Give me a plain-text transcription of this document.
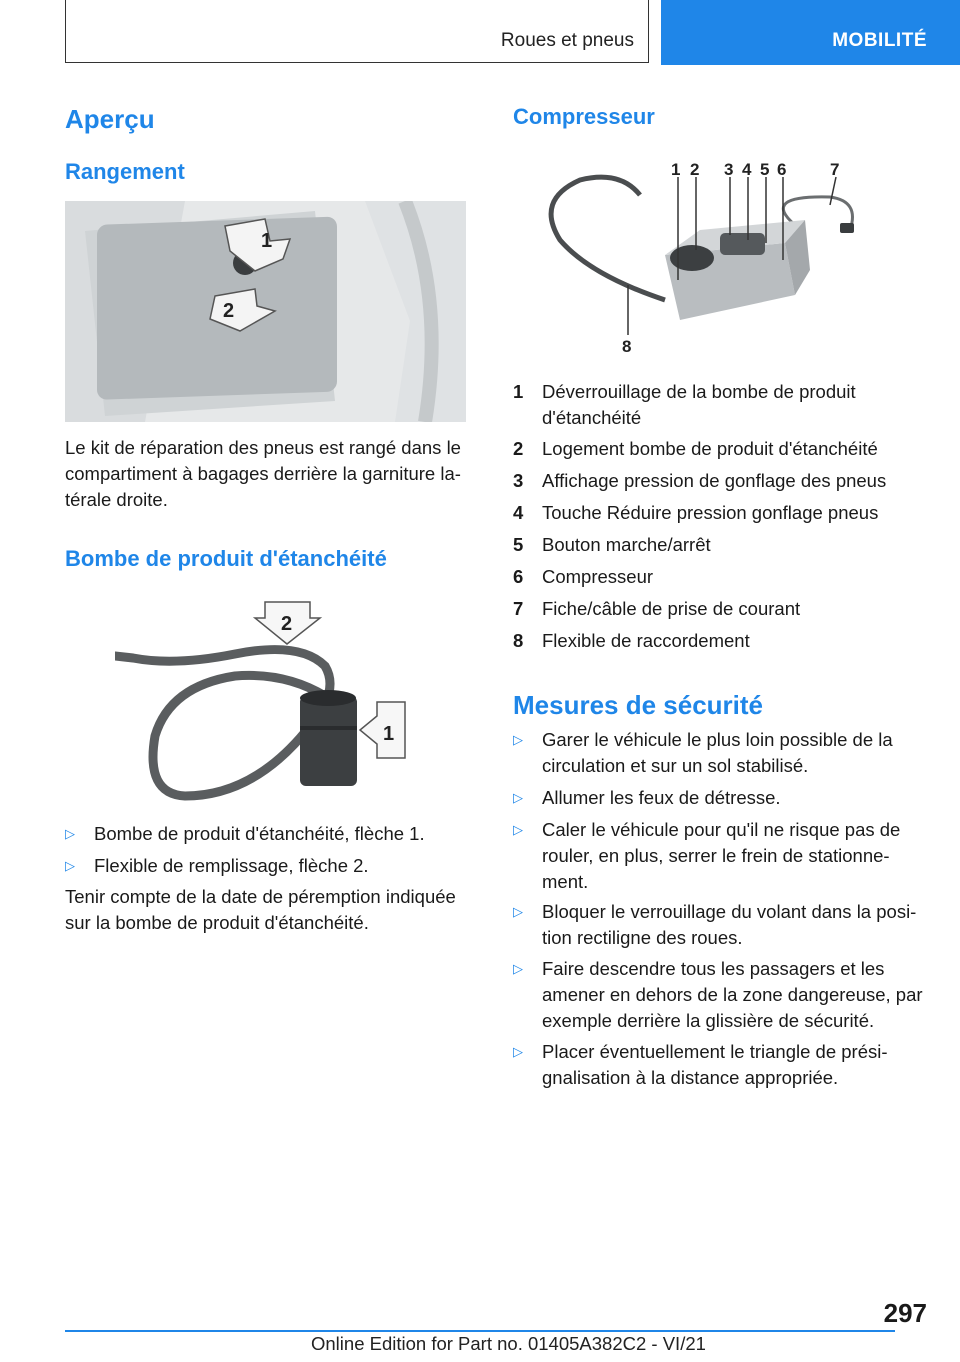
Roues et pneus	MOBILITÉ
Aperçu
Rangement
1
2
Le kit de réparation des pneus est rangé dans le compartiment à bagages derrière la garniture la-térale droite.
Bombe de produit d'étanchéité
2
1
▷ Bombe de produit d'étanchéité, flèche 1.
▷ Flexible de remplissage, flèche 2.
Tenir compte de la date de péremption indiquée sur la bombe de produit d'étanchéité.
Compresseur
1 2 3 4 5 6	7
8
1 Déverrouillage de la bombe de produit d'étanchéité
2 Logement bombe de produit d'étanchéité
3 Affichage pression de gonflage des pneus
4 Touche Réduire pression gonflage pneus
5 Bouton marche/arrêt
6 Compresseur
7 Fiche/câble de prise de courant
8 Flexible de raccordement
Mesures de sécurité
▷ Garer le véhicule le plus loin possible de la circulation et sur un sol stabilisé.
▷ Allumer les feux de détresse.
▷ Caler le véhicule pour qu'il ne risque pas de rouler, en plus, serrer le frein de stationne-ment.
▷ Bloquer le verrouillage du volant dans la posi-tion rectiligne des roues.
▷ Faire descendre tous les passagers et les amener en dehors de la zone dangereuse, par exemple derrière la glissière de sécurité.
▷ Placer éventuellement le triangle de prési-gnalisation à la distance appropriée.
297
Online Edition for Part no. 01405A382C2 - VI/21
